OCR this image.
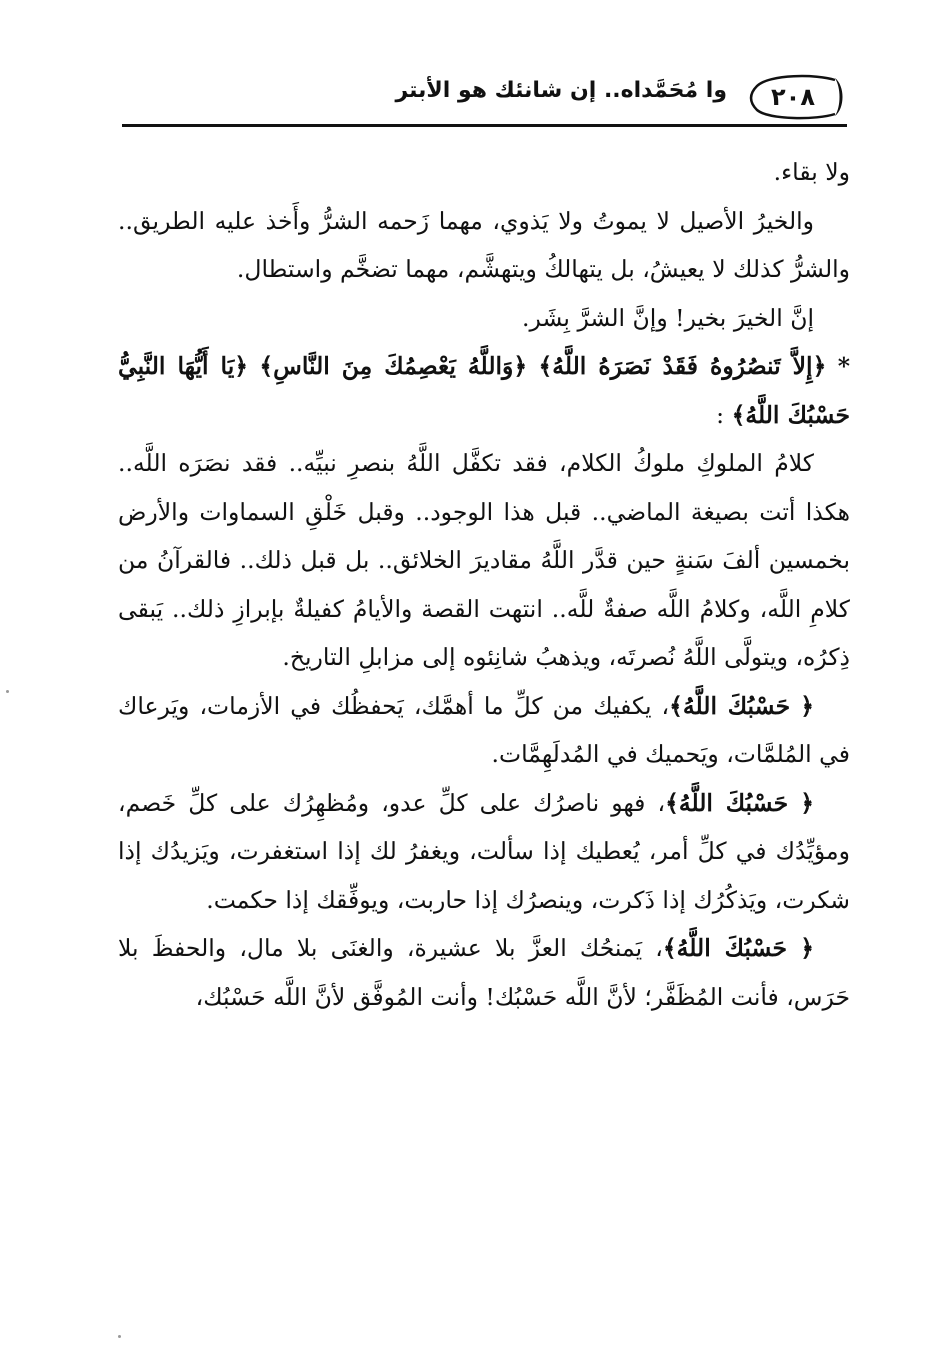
٢٠٨
وا مُحَمَّداه.. إن شانئك هو الأبتر

ولا بقاء.

والخيرُ الأصيل لا يموتُ ولا يَذوي، مهما زَحمه الشرُّ وأَخذ عليه الطريق.. والشرُّ كذلك لا يعيشُ، بل يتهالكُ ويتهشَّم، مهما تضخَّم واستطال.

إنَّ الخيرَ بخير! وإنَّ الشرَّ بِشَر.

* ﴿إِلاَّ تَنصُرُوهُ فَقَدْ نَصَرَهُ اللَّهُ﴾ ﴿وَاللَّهُ يَعْصِمُكَ مِنَ النَّاسِ﴾ ﴿يَا أَيُّهَا النَّبِيُّ حَسْبُكَ اللَّهُ﴾ :

كلامُ الملوكِ ملوكُ الكلام، فقد تكفَّل اللَّهُ بنصرِ نبيِّه.. فقد نصَرَه اللَّه.. هكذا أتت بصيغة الماضي.. قبل هذا الوجود.. وقبل خَلْقِ السماوات والأرض بخمسين ألفَ سَنةٍ حين قدَّر اللَّهُ مقاديرَ الخلائق.. بل قبل ذلك.. فالقرآنُ من كلامِ اللَّه، وكلامُ اللَّه صفةٌ للَّه.. انتهت القصة والأيامُ كفيلةٌ بإبرازِ ذلك.. يَبقى ذِكرُه، ويتولَّى اللَّهُ نُصرتَه، ويذهبُ شانِئوه إلى مزابلِ التاريخ.

﴿ حَسْبُكَ اللَّهُ﴾، يكفيك من كلِّ ما أهمَّك، يَحفظُك في الأزمات، ويَرعاك في المُلمَّات، ويَحميك في المُدلَهِمَّات.

﴿ حَسْبُكَ اللَّهُ﴾، فهو ناصرُك على كلِّ عدو، ومُظهِرُك على كلِّ خَصم، ومؤيِّدُك في كلِّ أمر، يُعطيك إذا سألت، ويغفرُ لك إذا استغفرت، ويَزيدُك إذا شكرت، ويَذكُرُك إذا ذَكرت، وينصرُك إذا حاربت، ويوفِّقك إذا حكمت.

﴿ حَسْبُكَ اللَّهُ﴾، يَمنحُك العزَّ بلا عشيرة، والغنَى بلا مال، والحفظَ بلا حَرَس، فأنت المُظَفَّر؛ لأنَّ اللَّه حَسْبُك! وأنت المُوفَّق لأنَّ اللَّه حَسْبُك،
